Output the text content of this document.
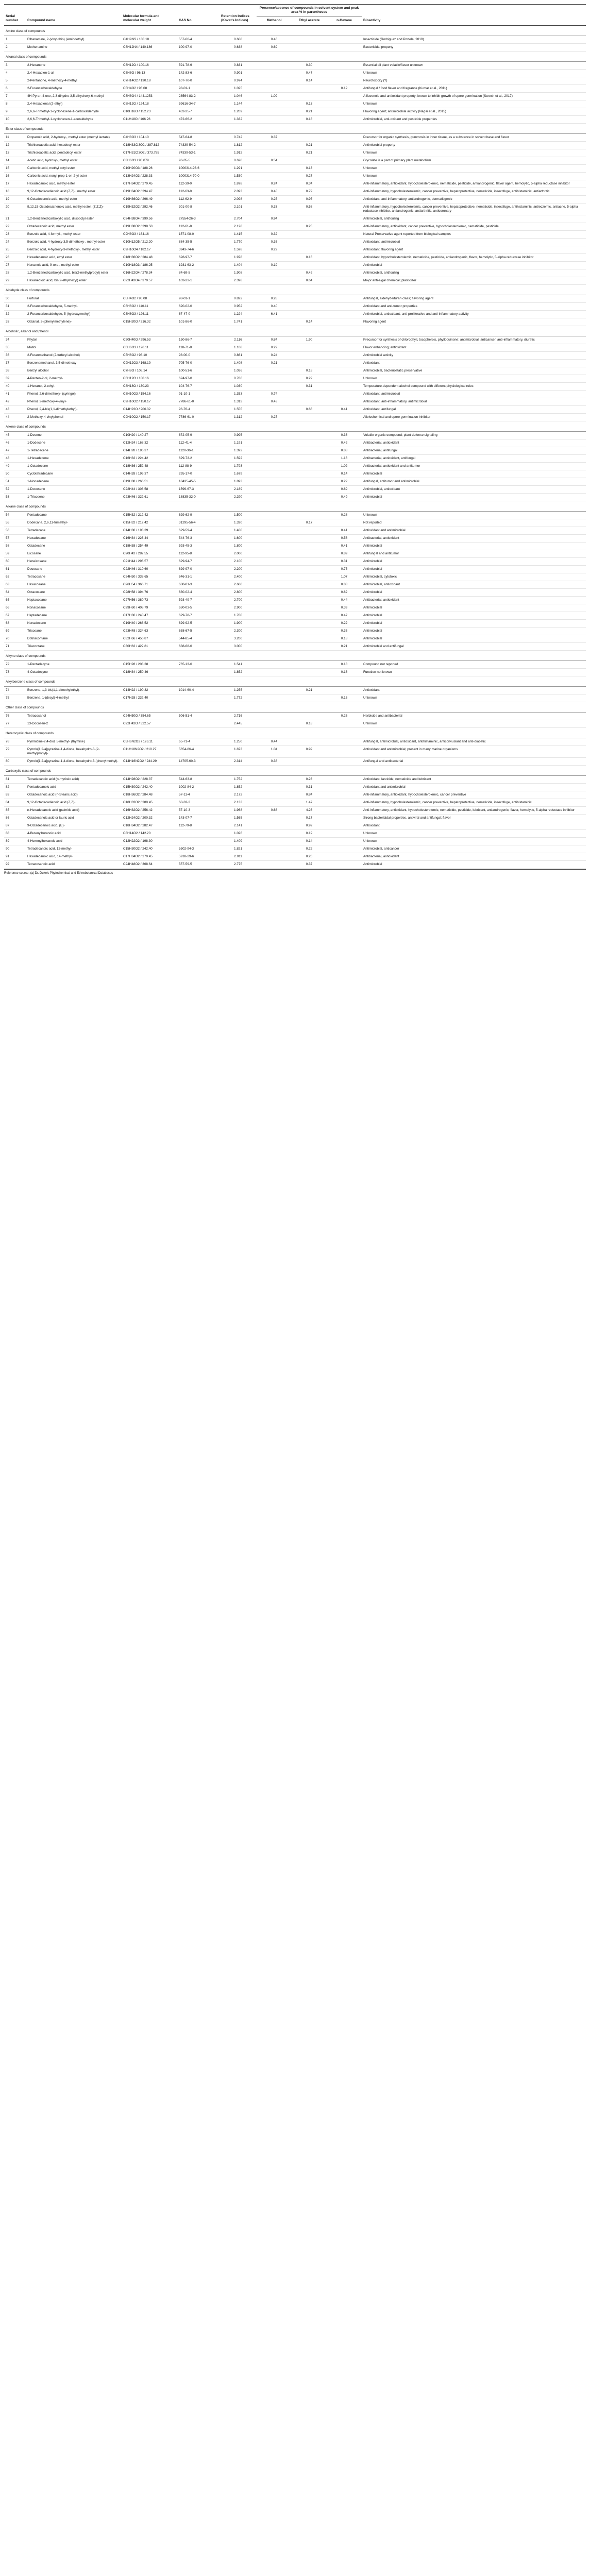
Serial number	Compound name	Molecular formula and molecular weight	CAS No	Retention Indices (Kovat's Indices)	Presence/absence of compounds in solvent system and peak area % in parentheses			Bioactivity
					Methanol	Ethyl acetate	n-Hexane	
Amine class of compounds								
1	Ethanamine, 2-(vinyl-thio) (Aminoethyl)	C4H9NS / 103.18	557-66-4	0.608	0.46			Insecticide (Rodriguez and Portela, 2019)
2	Methenamine	C6H12N4 / 140.186	100-97-0	0.638	0.69			Bactericidal property
Alkanal class of compounds								
3	2-Hexanone	C6H12O / 100.16	591-78-6	0.831		0.30		Essential oil plant volatile/flavor unknown
4	2,4-Hexadien-1-al	C6H8O / 96.13	142-83-6	0.901		0.47		Unknown
5	2-Pentanone, 4-methoxy-4-methyl	C7H14O2 / 130.18	107-70-0	0.974		0.14		Neurotoxicity (?)
6	2-Furancarboxaldehyde	C5H4O2 / 96.08	98-01-1	1.025			0.12	Antifungal / food flavor and fragrance (Kumar et al., 2011)
7	4H-Pyran-4-one, 2,3-dihydro-3,5-dihydroxy-6-methyl	C6H8O4 / 144.1253	28564-83-2	1.046	1.09			A flavonoid and antioxidant property; known to inhibit growth of spore germination (Suresh et al., 2017)
8	2,4-Hexadienal (2-ethyl)	C8H12O / 124.18	59616-34-7	1.144		0.13		Unknown
9	2,6,6-Trimethyl-1-cyclohexene-1-carboxaldehyde	C10H16O / 152.23	432-25-7	1.209		0.21		Flavoring agent; antimicrobial activity (Nagai et al., 2015)
10	2,6,6-Trimethyl-1-cyclohexen-1-acetaldehyde	C11H18O / 166.26	472-66-2	1.332		0.18		Antimicrobial, anti-oxidant and pesticide properties
Ester class of compounds								
11	Propanoic acid, 2-hydroxy-, methyl ester (methyl lactate)	C4H8O3 / 104.10	547-64-8	0.742	0.37			Precursor for organic synthesis, gummosis in inner tissue, as a substance in solvent base and flavor
12	Trichloroacetic acid, hexadecyl ester	C18H33Cl3O2 / 387.812	74339-54-2	1.812		0.21		Antimicrobial property
13	Trichloroacetic acid, pentadecyl ester	C17H31Cl3O2 / 373.785	74339-53-1	1.912		0.21		Unknown
14	Acetic acid, hydroxy-, methyl ester	C3H6O3 / 90.079	96-35-5	0.620	0.54			Glycolate is a part of primary plant metabolism
15	Carbonic acid, methyl octyl ester	C10H20O3 / 188.26	1000314-93-6	1.291		0.13		Unknown
16	Carbonic acid, nonyl prop-1-en-2-yl ester	C13H24O3 / 228.33	1000314-70-0	1.530		0.27		Unknown
17	Hexadecanoic acid, methyl ester	C17H34O2 / 270.45	112-39-0	1.878	0.24	0.34		Anti-inflammatory, antioxidant, hypocholesterolemic, nematicide, pesticide, antiandrogenic, flavor agent, hemolytic, 5-alpha reductase inhibitor
18	9,12-Octadecadienoic acid (Z,Z)-, methyl ester	C19H34O2 / 294.47	112-63-0	2.093	0.40	0.79		Anti-inflammatory, hypocholesterolemic, cancer preventive, hepatoprotective, nematicide, insectifuge, antihistaminic, antiarthritic
19	9-Octadecenoic acid, methyl ester	C19H36O2 / 296.49	112-62-9	2.098	0.25	0.95		Antioxidant, anti-inflammatory, antiandrogenic, dermatitigenic
20	9,12,15-Octadecatrienoic acid, methyl ester, (Z,Z,Z)-	C19H32O2 / 292.46	301-00-8	2.101	0.33	0.58		Anti-inflammatory, hypocholesterolemic, cancer preventive, hepatoprotective, nematicide, insectifuge, antihistaminic, antieczemic, antiacne, 5-alpha reductase inhibitor, antiandrogenic, antiarthritic, anticoronary
21	1,2-Benzenedicarboxylic acid, diisooctyl ester	C24H38O4 / 390.56	27554-26-3	2.704	0.94			Antimicrobial, antifouling
22	Octadecanoic acid, methyl ester	C19H38O2 / 298.50	112-61-8	2.128		0.25		Anti-inflammatory, antioxidant, cancer preventive, hypocholesterolemic, nematicide, pesticide
23	Benzoic acid, 4-formyl-, methyl ester	C9H8O3 / 164.16	1571-08-0	1.415	0.32			Natural Preservative agent reported from biological samples
24	Benzoic acid, 4-hydroxy-3,5-dimethoxy-, methyl ester	C10H12O5 / 212.20	884-35-5	1.770	0.36			Antioxidant, antimicrobial
25	Benzoic acid, 4-hydroxy-3-methoxy-, methyl ester	C9H10O4 / 182.17	3943-74-6	1.598	0.22			Antioxidant, flavoring agent
26	Hexadecanoic acid, ethyl ester	C18H36O2 / 284.48	628-97-7	1.978		0.16		Antioxidant, hypocholesterolemic, nematicide, pesticide, antiandrogenic, flavor, hemolytic, 5-alpha reductase inhibitor
27	Nonanoic acid, 9-oxo-, methyl ester	C10H18O3 / 186.25	1931-63-2	1.404	0.19			Antimicrobial
28	1,2-Benzenedicarboxylic acid, bis(2-methylpropyl) ester	C16H22O4 / 278.34	84-69-5	1.908		0.42		Antimicrobial, antifouling
29	Hexanedioic acid, bis(2-ethylhexyl) ester	C22H42O4 / 370.57	103-23-1	2.398		0.64		Major anti-algal chemical; plasticizer
Aldehyde class of compounds								
30	Furfural	C5H4O2 / 96.08	98-01-1	0.822	0.28			Antifungal, aldehyde/furan class; flavoring agent
31	2-Furancarboxaldehyde, 5-methyl-	C6H6O2 / 110.11	620-02-0	0.952	0.40			Antioxidant and anti-tumor properties
32	2-Furancarboxaldehyde, 5-(hydroxymethyl)-	C6H6O3 / 126.11	67-47-0	1.224	6.41			Antimicrobial, antioxidant, anti-proliferative and anti-inflammatory activity
33	Octanal, 2-(phenylmethylene)-	C15H20O / 216.32	101-86-0	1.741		0.14		Flavoring agent
Alcoholic, alkanol and phenol								
34	Phytol	C20H40O / 296.53	150-86-7	2.116	0.84	1.90		Precursor for synthesis of chlorophyll, tocopherols, phylloquinone; antimicrobial, anticancer, anti-inflammatory, diuretic
35	Maltol	C6H6O3 / 126.11	118-71-8	1.108	0.22			Flavor enhancing; antioxidant
36	2-Furanmethanol (2-furfuryl alcohol)	C5H6O2 / 98.10	98-00-0	0.861	0.24			Antimicrobial activity
37	Benzenemethanol, 3,5-dimethoxy	C9H12O3 / 168.19	705-76-0	1.408	0.21			Antioxidant
38	Benzyl alcohol	C7H8O / 108.14	100-51-6	1.036		0.18		Antimicrobial, bacteriostatic preservative
39	4-Penten-2-ol, 2-methyl-	C6H12O / 100.16	624-97-0	0.786		0.22		Unknown
40	1-Hexanol, 2-ethyl-	C8H18O / 130.23	104-76-7	1.030		0.31		Temperature-dependent alcohol compound with different physiological roles
41	Phenol, 2,6-dimethoxy- (syringol)	C8H10O3 / 154.16	91-10-1	1.353	0.74			Antioxidant, antimicrobial
42	Phenol, 2-methoxy-4-vinyl-	C9H10O2 / 150.17	7786-61-0	1.313	0.43			Antioxidant, anti-inflammatory, antimicrobial
43	Phenol, 2,4-bis(1,1-dimethylethyl)-	C14H22O / 206.32	96-76-4	1.555		0.66	0.41	Antioxidant, antifungal
44	2-Methoxy-4-vinylphenol	C9H10O2 / 150.17	7786-61-0	1.312	0.27			Allelochemical and spore germination inhibitor
Alkene class of compounds								
45	1-Decene	C10H20 / 140.27	872-05-9	0.995			0.36	Volatile organic compound; plant defense signaling
46	1-Dodecene	C12H24 / 168.32	112-41-4	1.191			0.42	Antibacterial, antioxidant
47	1-Tetradecene	C14H28 / 196.37	1120-36-1	1.392			0.88	Antibacterial, antifungal
48	1-Hexadecene	C16H32 / 224.42	629-73-2	1.592			1.16	Antibacterial, antioxidant, antifungal
49	1-Octadecene	C18H36 / 252.48	112-88-9	1.793			1.02	Antibacterial, antioxidant and antitumor
50	Cyclotetradecane	C14H28 / 196.37	295-17-0	1.679			0.14	Antimicrobial
51	1-Nonadecene	C19H38 / 266.51	18435-45-5	1.893			0.22	Antifungal, antitumor and antimicrobial
52	1-Docosene	C22H44 / 308.58	1599-67-3	2.189			0.69	Antimicrobial, antioxidant
53	1-Tricosene	C23H46 / 322.61	18835-32-0	2.290			0.49	Antimicrobial
Alkane class of compounds								
54	Pentadecane	C15H32 / 212.42	629-62-9	1.500			0.28	Unknown
55	Dodecane, 2,6,11-trimethyl-	C15H32 / 212.42	31295-56-4	1.320		0.17		Not reported
56	Tetradecane	C14H30 / 198.39	629-59-4	1.400			0.41	Antioxidant and antimicrobial
57	Hexadecane	C16H34 / 226.44	544-76-3	1.600			0.56	Antibacterial, antioxidant
58	Octadecane	C18H38 / 254.49	593-45-3	1.800			0.41	Antimicrobial
59	Eicosane	C20H42 / 282.55	112-95-8	2.000			0.89	Antifungal and antitumor
60	Heneicosane	C21H44 / 296.57	629-94-7	2.100			0.31	Antimicrobial
61	Docosane	C22H46 / 310.60	629-97-0	2.200			0.75	Antimicrobial
62	Tetracosane	C24H50 / 338.65	646-31-1	2.400			1.07	Antimicrobial, cytotoxic
63	Hexacosane	C26H54 / 366.71	630-01-3	2.600			0.88	Antimicrobial, antioxidant
64	Octacosane	C28H58 / 394.76	630-02-4	2.800			0.62	Antimicrobial
65	Heptacosane	C27H56 / 380.73	593-49-7	2.700			0.44	Antibacterial, antioxidant
66	Nonacosane	C29H60 / 408.79	630-03-5	2.900			0.39	Antimicrobial
67	Heptadecane	C17H36 / 240.47	629-78-7	1.700			0.47	Antimicrobial
68	Nonadecane	C19H40 / 268.52	629-92-5	1.900			0.22	Antimicrobial
69	Tricosane	C23H48 / 324.63	638-67-5	2.300			0.36	Antimicrobial
70	Dotriacontane	C32H66 / 450.87	544-85-4	3.200			0.18	Antimicrobial
71	Triacontane	C30H62 / 422.81	638-68-6	3.000			0.21	Antimicrobial and antifungal
Alkyne class of compounds								
72	1-Pentadecyne	C15H28 / 208.38	765-13-6	1.541			0.18	Compound not reported
73	4-Octadecyne	C18H34 / 250.46		1.852			0.16	Function not known
Alkylbenzene class of compounds								
74	Benzene, 1,3-bis(1,1-dimethylethyl)-	C14H22 / 190.32	1014-60-4	1.255		0.21		Antioxidant
75	Benzene, 1-(decyl)-4-methyl	C17H28 / 232.40		1.772			0.16	Unknown
Other class of compounds								
76	Tetracosanol	C24H50O / 354.65	506-51-4	2.716			0.26	Herbicide and antibacterial
77	13-Docosen-2	C22H42O / 322.57		2.445		0.18		Unknown
Heterocyclic class of compounds								
78	Pyrimidine-2,4-diol, 5-methyl- (thymine)	C5H6N2O2 / 126.11	65-71-4	1.250	0.44			Antifungal, antimicrobial, antioxidant, antihistaminic, anticonvulsant and anti-diabetic
79	Pyrrolo[1,2-a]pyrazine-1,4-dione, hexahydro-3-(2-methylpropyl)-	C11H18N2O2 / 210.27	5654-86-4	1.873	1.04	0.92		Antioxidant and antimicrobial; present in many marine organisms
80	Pyrrolo[1,2-a]pyrazine-1,4-dione, hexahydro-3-(phenylmethyl)-	C14H16N2O2 / 244.29	14705-60-3	2.314	0.38			Antifungal and antibacterial
Carboxylic class of compounds								
81	Tetradecanoic acid (n-myristic acid)	C14H28O2 / 228.37	544-63-8	1.752		0.23		Antioxidant, larvicide, nematicide and lubricant
82	Pentadecanoic acid	C15H30O2 / 242.40	1002-84-2	1.852		0.31		Antioxidant and antimicrobial
83	Octadecanoic acid (n-Stearic acid)	C18H36O2 / 284.48	57-11-4	2.172		0.84		Anti-inflammatory, antioxidant, hypocholesterolemic, cancer preventive
84	9,12-Octadecadienoic acid (Z,Z)-	C18H32O2 / 280.45	60-33-3	2.133		1.47		Anti-inflammatory, hypocholesterolemic, cancer preventive, hepatoprotective, nematicide, insectifuge, antihistaminic
85	n-Hexadecanoic acid (palmitic acid)	C16H32O2 / 256.42	57-10-3	1.968	0.68	4.26		Anti-inflammatory, antioxidant, hypocholesterolemic, nematicide, pesticide, lubricant, antiandrogenic, flavor, hemolytic, 5-alpha reductase inhibitor
86	Octadecanoic acid or lauric acid	C12H24O2 / 200.32	143-07-7	1.565		0.17		Strong bactericidal properties, antiviral and antifungal; flavor
87	9-Octadecenoic acid, (E)-	C18H34O2 / 282.47	112-79-8	2.141		0.92		Antioxidant
88	4-Butenylbutanoic acid	C8H14O2 / 142.20		1.026		0.19		Unknown
89	4-Hexenylhexanoic acid	C12H22O2 / 198.30		1.409		0.14		Unknown
90	Tetradecanoic acid, 12-methyl-	C15H30O2 / 242.40	5502-94-3	1.821		0.22		Antimicrobial, anticancer
91	Hexadecanoic acid, 14-methyl-	C17H34O2 / 270.45	5918-29-6	2.011		0.26		Antibacterial, antioxidant
92	Tetracosanoic acid	C24H48O2 / 368.64	557-59-5	2.775		0.37		Antimicrobial
Reference source: (a) Dr. Duke's Phytochemical and Ethnobotanical Databases
